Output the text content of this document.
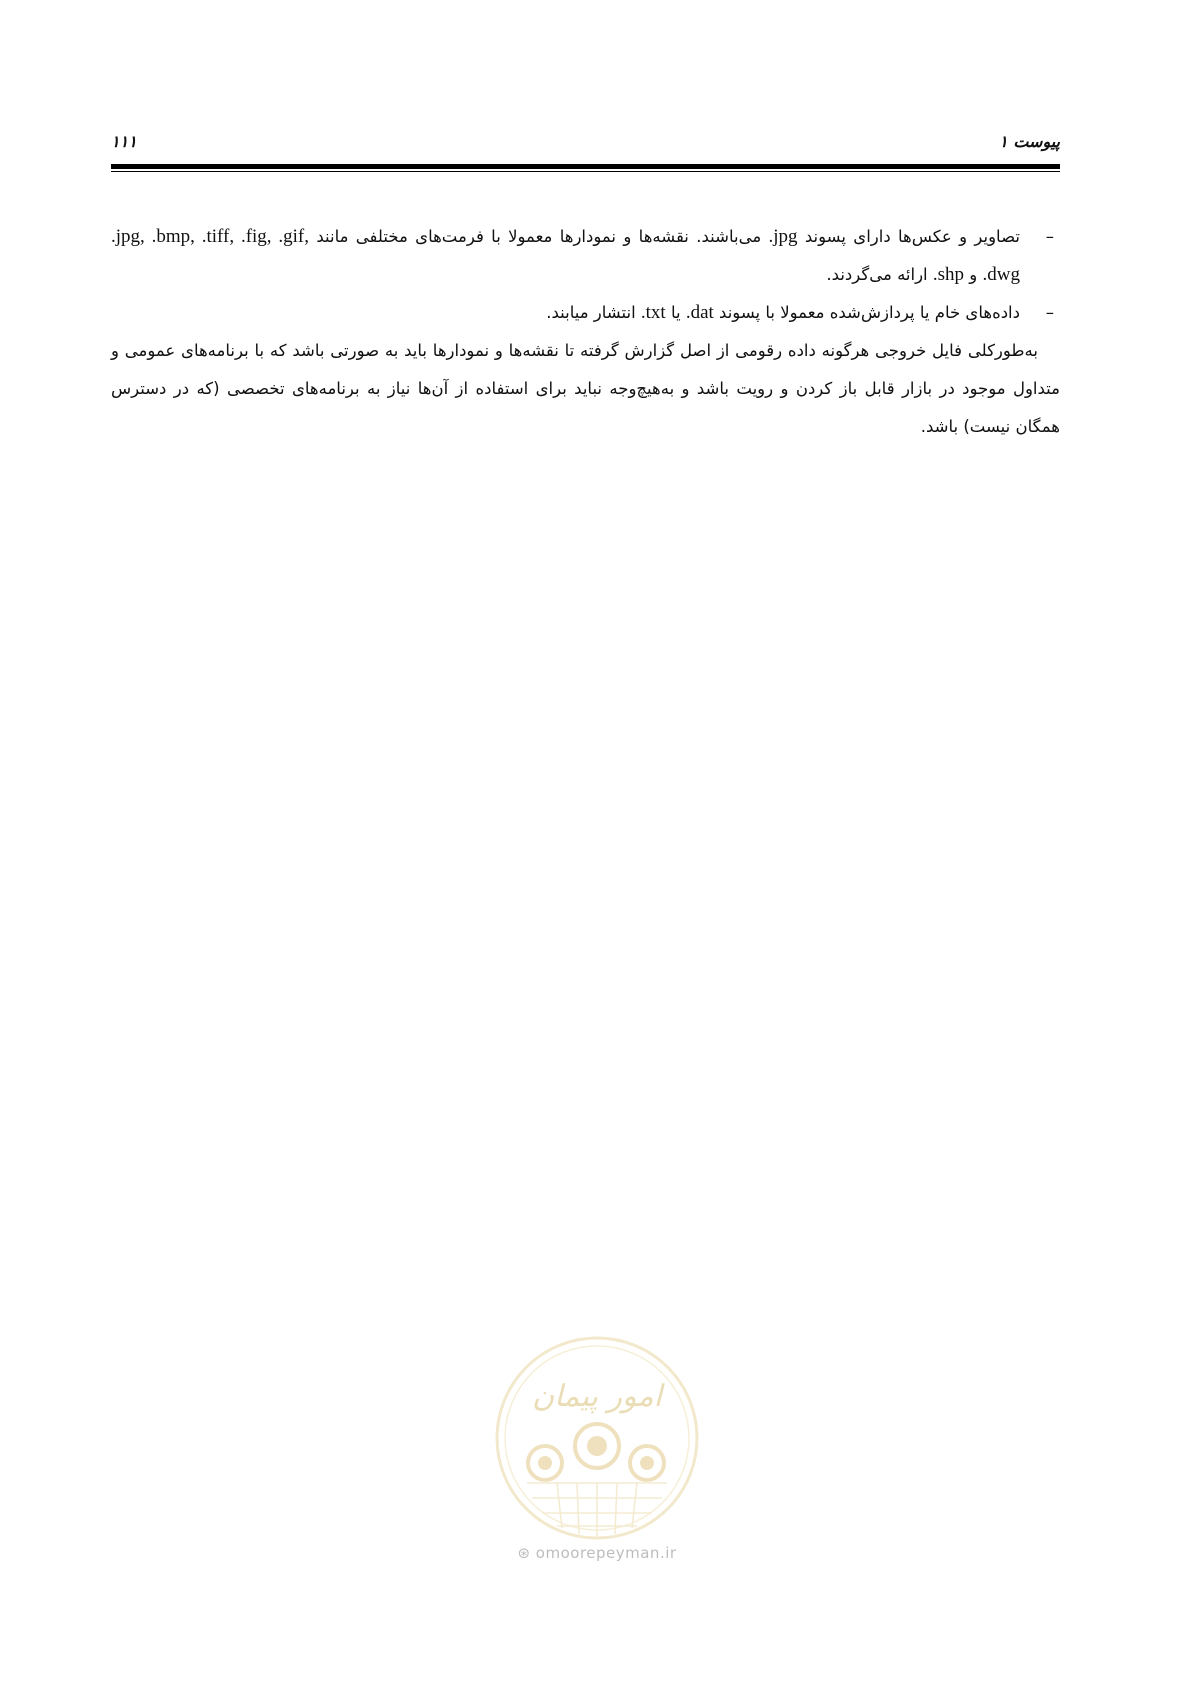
۱۱۱	پیوست ۱

–
تصاویر و عکس‌ها دارای پسوند .jpg می‌باشند. نقشه‌ها و نمودارها معمولا با فرمت‌های مختلفی مانند .jpg, .bmp, .tiff, .fig, .gif, .dwg و .shp ارائه می‌گردند.

–
داده‌های خام یا پردازش‌شده معمولا با پسوند .dat یا .txt انتشار میابند.

به‌طورکلی فایل خروجی هرگونه داده رقومی از اصل گزارش گرفته تا نقشه‌ها و نمودارها باید به صورتی باشد که با برنامه‌های عمومی و متداول موجود در بازار قابل باز کردن و رویت باشد و به‌هیچ‌وجه نباید برای استفاده از آن‌ها نیاز به برنامه‌های تخصصی (که در دسترس همگان نیست) باشد.

امور پیمان
⊛ omoorepeyman.ir
